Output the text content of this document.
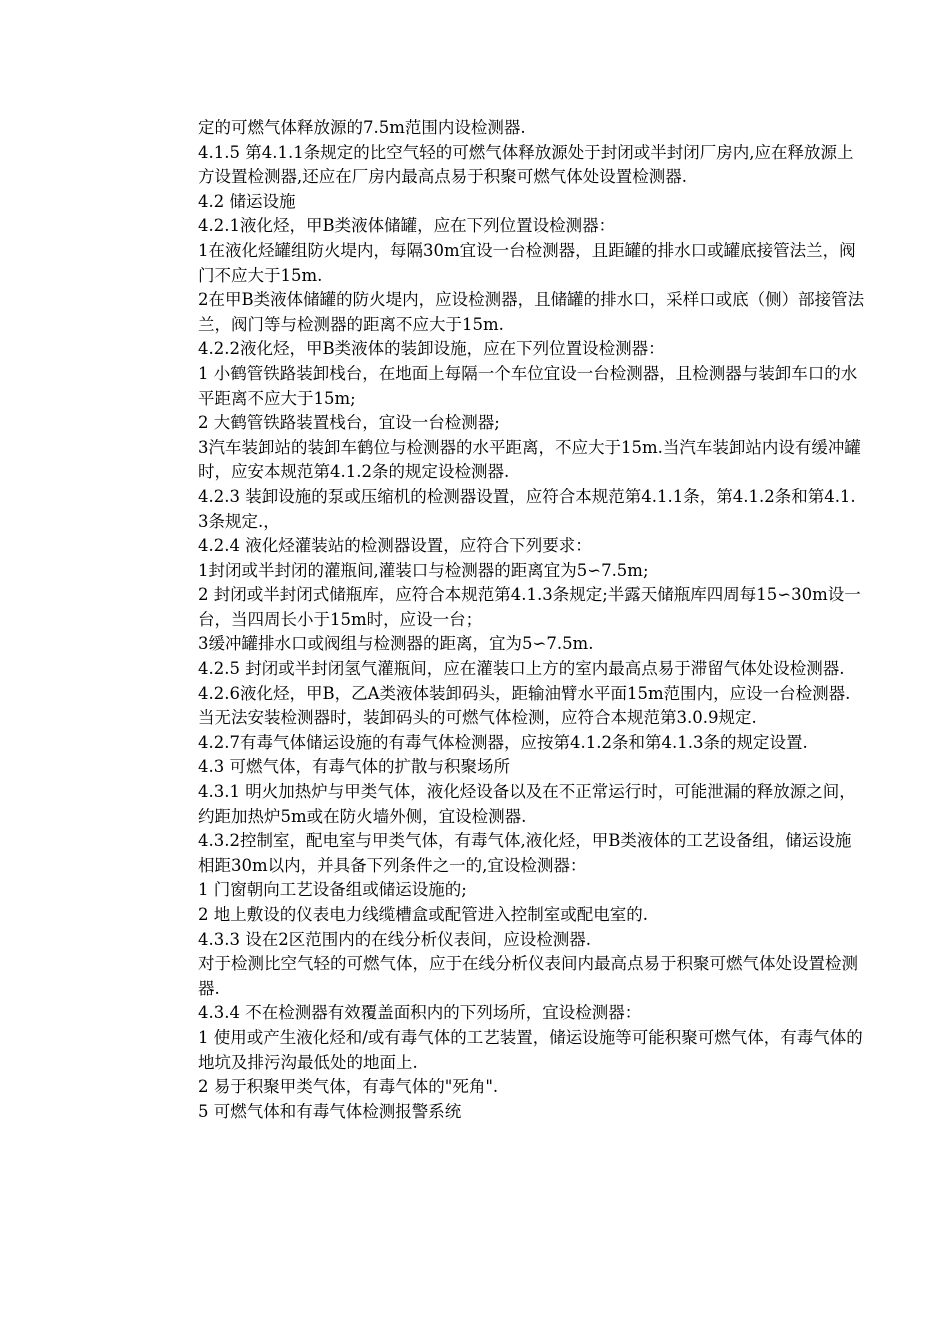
定的可燃气体释放源的7.5m范围内设检测器.

4.1.5 第4.1.1条规定的比空气轻的可燃气体释放源处于封闭或半封闭厂房内,应在释放源上方设置检测器,还应在厂房内最高点易于积聚可燃气体处设置检测器.

4.2 储运设施

4.2.1液化烃，甲B类液体储罐，应在下列位置设检测器：

1在液化烃罐组防火堤内，每隔30m宜设一台检测器，且距罐的排水口或罐底接管法兰，阀门不应大于15m.

2在甲B类液体储罐的防火堤内，应设检测器，且储罐的排水口，采样口或底（侧）部接管法兰，阀门等与检测器的距离不应大于15m.

4.2.2液化烃，甲B类液体的装卸设施，应在下列位置设检测器：

1 小鹤管铁路装卸栈台，在地面上每隔一个车位宜设一台检测器，且检测器与装卸车口的水平距离不应大于15m;

2 大鹤管铁路装置栈台，宜设一台检测器;

3汽车装卸站的装卸车鹤位与检测器的水平距离，不应大于15m.当汽车装卸站内设有缓冲罐时，应安本规范第4.1.2条的规定设检测器.

4.2.3 装卸设施的泵或压缩机的检测器设置，应符合本规范第4.1.1条，第4.1.2条和第4.1.3条规定.，

4.2.4 液化烃灌装站的检测器设置，应符合下列要求：

1封闭或半封闭的灌瓶间,灌装口与检测器的距离宜为5∽7.5m;

2 封闭或半封闭式储瓶库，应符合本规范第4.1.3条规定;半露天储瓶库四周每15∽30m设一台，当四周长小于15m时，应设一台；

3缓冲罐排水口或阀组与检测器的距离，宜为5∽7.5m.

4.2.5 封闭或半封闭氢气灌瓶间，应在灌装口上方的室内最高点易于滞留气体处设检测器.

4.2.6液化烃，甲B，乙A类液体装卸码头，距输油臂水平面15m范围内，应设一台检测器.当无法安装检测器时，装卸码头的可燃气体检测，应符合本规范第3.0.9规定.

4.2.7有毒气体储运设施的有毒气体检测器，应按第4.1.2条和第4.1.3条的规定设置.

4.3 可燃气体，有毒气体的扩散与积聚场所

4.3.1 明火加热炉与甲类气体，液化烃设备以及在不正常运行时，可能泄漏的释放源之间，约距加热炉5m或在防火墙外侧，宜设检测器.

4.3.2控制室，配电室与甲类气体，有毒气体,液化烃，甲B类液体的工艺设备组，储运设施相距30m以内，并具备下列条件之一的,宜设检测器：

1 门窗朝向工艺设备组或储运设施的;

2 地上敷设的仪表电力线缆槽盒或配管进入控制室或配电室的.

4.3.3 设在2区范围内的在线分析仪表间，应设检测器.

对于检测比空气轻的可燃气体，应于在线分析仪表间内最高点易于积聚可燃气体处设置检测器.

4.3.4 不在检测器有效覆盖面积内的下列场所，宜设检测器：

1 使用或产生液化烃和/或有毒气体的工艺装置，储运设施等可能积聚可燃气体，有毒气体的地坑及排污沟最低处的地面上.

2 易于积聚甲类气体，有毒气体的"死角".

5 可燃气体和有毒气体检测报警系统
